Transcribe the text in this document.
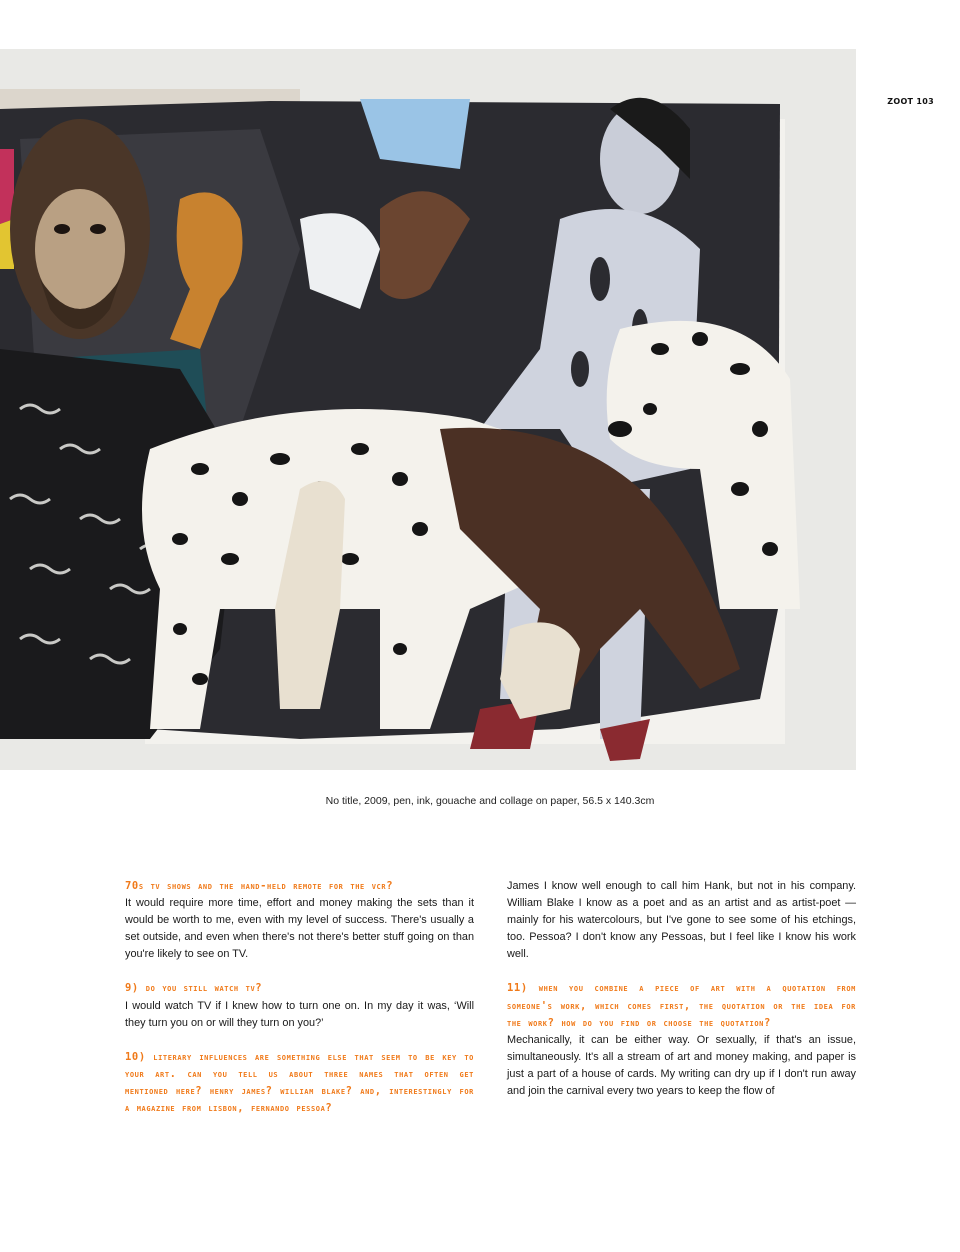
ZOOT 103
No title, 2009, pen, ink, gouache and collage on paper, 56.5 x 140.3cm

70s tv shows and the hand-held remote for the vcr?

It would require more time, effort and money making the sets than it would be worth to me, even with my level of success. There's usually a set outside, and even when there's not there's better stuff going on than you're likely to see on TV.

9) do you still watch tv?

I would watch TV if I knew how to turn one on. In my day it was, ‘Will they turn you on or will they turn on you?’

10) literary influences are something else that seem to be key to your art. can you tell us about three names that often get mentioned here? henry james? william blake? and, interestingly for a magazine from lisbon, fernando pessoa?

James I know well enough to call him Hank, but not in his company. William Blake I know as a poet and as an artist and as artist-poet — mainly for his watercolours, but I've gone to see some of his etchings, too. Pessoa? I don't know any Pessoas, but I feel like I know his work well.

11) when you combine a piece of art with a quotation from someone's work, which comes first, the quotation or the idea for the work? how do you find or choose the quotation?

Mechanically, it can be either way. Or sexually, if that's an issue, simultaneously. It's all a stream of art and money making, and paper is just a part of a house of cards. My writing can dry up if I don't run away and join the carnival every two years to keep the flow of
